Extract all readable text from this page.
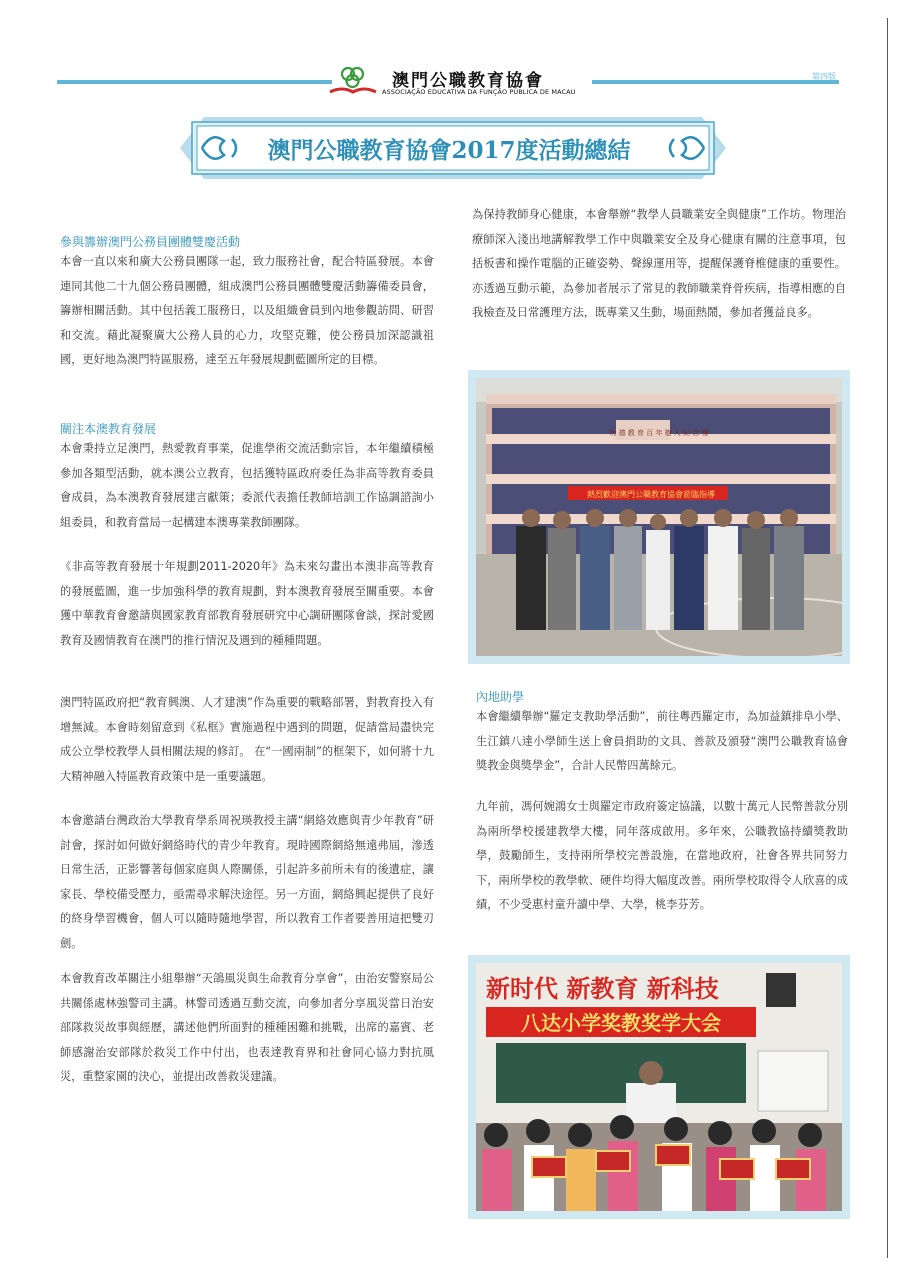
澳門公職教育協會
ASSOCIAÇÃO EDUCATIVA DA FUNÇÃO PÚBLICA DE MACAU
第四版
澳門公職教育協會2017度活動總結
參與籌辦澳門公務員團體雙慶活動

本會一直以來和廣大公務員團隊一起，致力服務社會，配合特區發展。本會連同其他二十九個公務員團體，組成澳門公務員團體雙慶活動籌備委員會，籌辦相關活動。其中包括義工服務日，以及組織會員到內地參觀訪問、研習和交流。藉此凝聚廣大公務人員的心力，攻堅克難，使公務員加深認識祖國，更好地為澳門特區服務，達至五年發展規劃藍圖所定的目標。

關注本澳教育發展

本會秉持立足澳門，熱愛教育事業，促進學術交流活動宗旨，本年繼續積極參加各類型活動，就本澳公立教育，包括獲特區政府委任為非高等教育委員會成員，為本澳教育發展建言獻策；委派代表擔任教師培訓工作協調諮詢小組委員，和教育當局一起構建本澳專業教師團隊。

《非高等教育發展十年規劃2011-2020年》為未來勾畫出本澳非高等教育的發展藍圖，進一步加強科學的教育規劃，對本澳教育發展至關重要。本會獲中華教育會邀請與國家教育部教育發展研究中心調研團隊會談，探討愛國教育及國情教育在澳門的推行情況及遇到的種種問題。

澳門特區政府把“教育興澳、人才建澳”作為重要的戰略部署，對教育投入有增無減。本會時刻留意到《私框》實施過程中遇到的問題，促請當局盡快完成公立學校教學人員相關法規的修訂。 在“一國兩制”的框架下，如何將十九大精神融入特區教育政策中是一重要議題。

本會邀請台灣政治大學教育學系周祝瑛教授主講“網絡效應與青少年教育”研討會，探討如何做好網絡時代的青少年教育。現時國際網絡無遠弗屆，滲透日常生活，正影響著每個家庭與人際關係，引起許多前所未有的後遺症，讓家長、學校備受壓力，亟需尋求解決途徑。另一方面，網絡興起提供了良好的終身學習機會，個人可以隨時隨地學習，所以教育工作者要善用這把雙刃劍。

本會教育改革關注小組舉辦“天鴿風災與生命教育分享會”，由治安警察局公共關係處林強警司主講。林警司透過互動交流，向參加者分享風災當日治安部隊救災故事與經歷，講述他們所面對的種種困難和挑戰，出席的嘉賓、老師感謝治安部隊於救災工作中付出，也表達教育界和社會同心協力對抗風災，重整家園的決心，並提出改善救災建議。

為保持教師身心健康，本會舉辦“教學人員職業安全與健康”工作坊。物理治療師深入淺出地講解教學工作中與職業安全及身心健康有關的注意事項，包括板書和操作電腦的正確姿勢、聲線運用等，提醒保護脊椎健康的重要性。亦透過互動示範，為參加者展示了常見的教師職業脊骨疾病，指導相應的自我檢查及日常護理方法，既專業又生動，場面熱鬧，參加者獲益良多。

熱烈歡迎澳門公職教育協會蒞臨指導
功 德 教 育 百 年 樹 人 紀 念 樓
內地助學

本會繼續舉辦“羅定支教助學活動”，前往粵西羅定市，為加益鎮排阜小學、生江鎮八達小學師生送上會員捐助的文具、善款及頒發“澳門公職教育協會獎教金與獎學金”，合計人民幣四萬餘元。

九年前，馮何婉鴻女士與羅定市政府簽定協議，以數十萬元人民幣善款分別為兩所學校援建教學大樓，同年落成啟用。多年來，公職教協持續獎教助學，鼓勵師生，支持兩所學校完善設施，在當地政府，社會各界共同努力下，兩所學校的教學軟、硬件均得大幅度改善。兩所學校取得令人欣喜的成績，不少受惠村童升讀中學、大學，桃李芬芳。

新时代 新教育 新科技
八达小学奖教奖学大会
